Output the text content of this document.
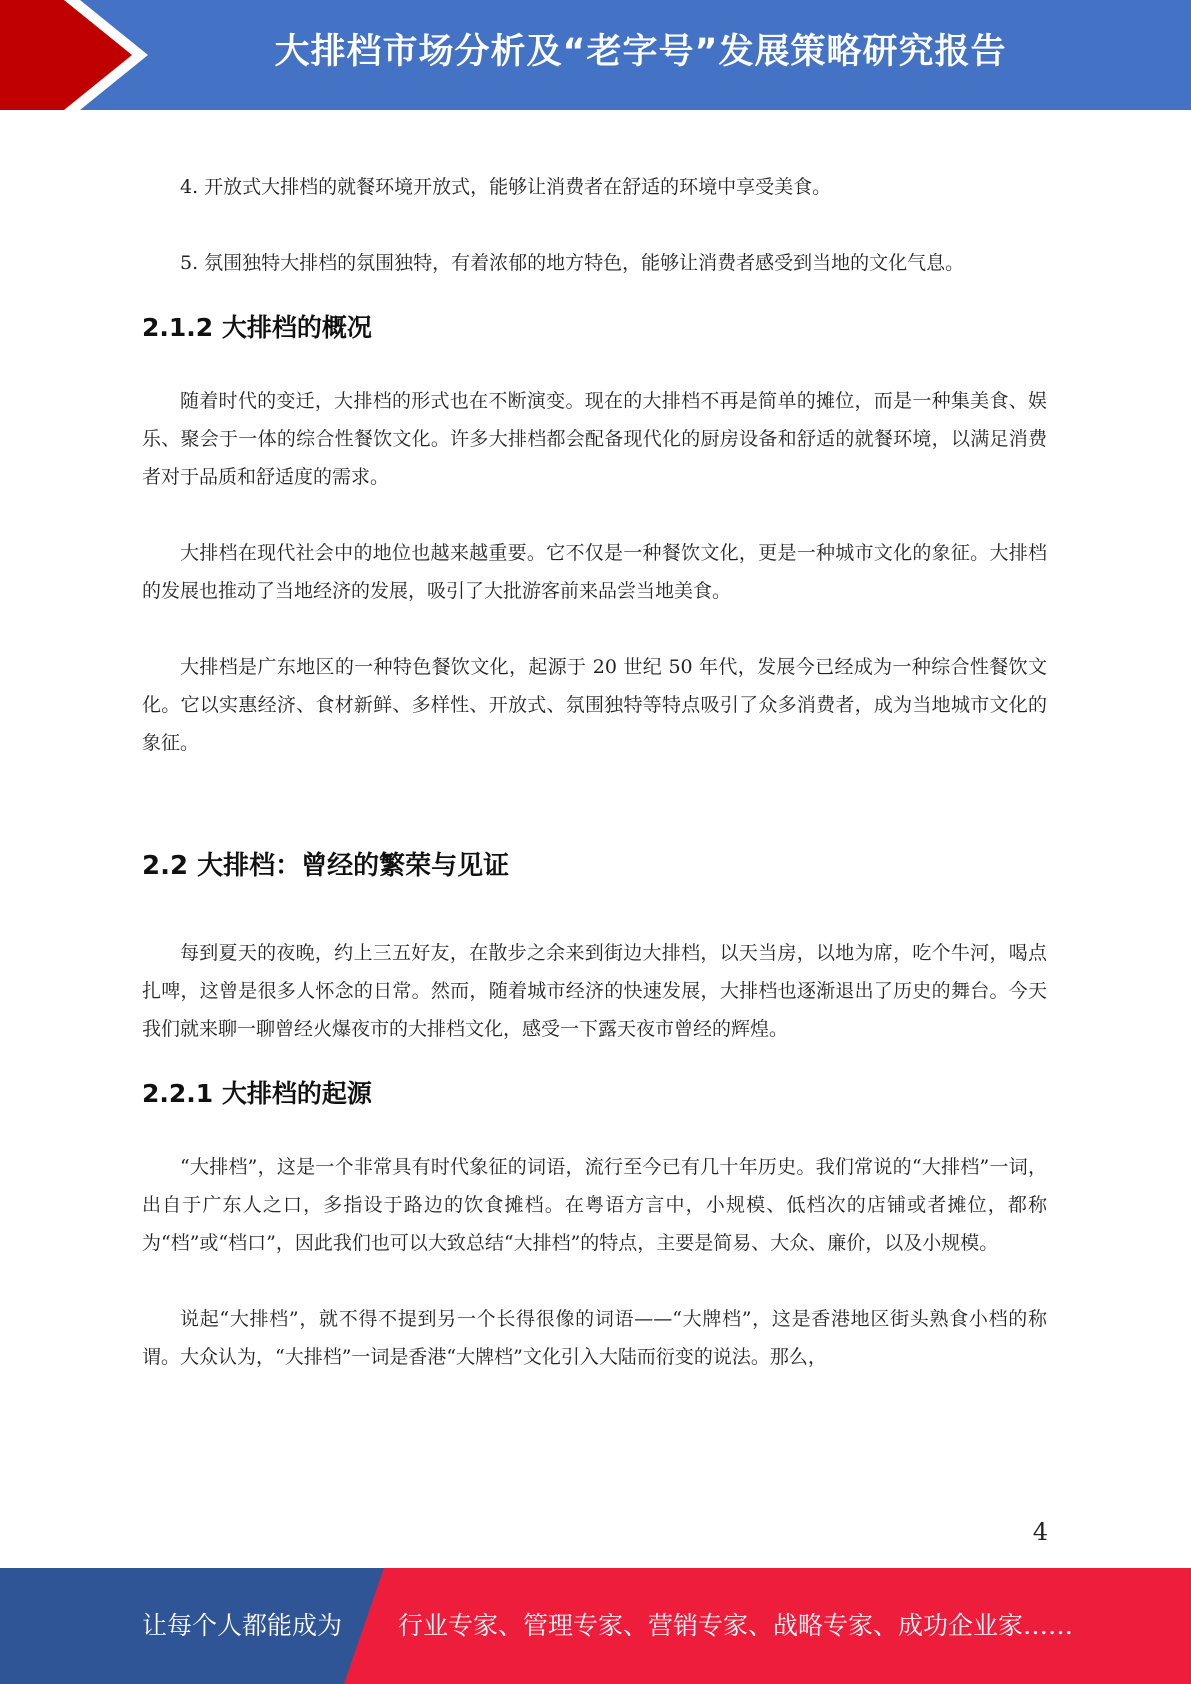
大排档市场分析及“老字号”发展策略研究报告

4. 开放式大排档的就餐环境开放式，能够让消费者在舒适的环境中享受美食。

5. 氛围独特大排档的氛围独特，有着浓郁的地方特色，能够让消费者感受到当地的文化气息。

2.1.2 大排档的概况

随着时代的变迁，大排档的形式也在不断演变。现在的大排档不再是简单的摊位，而是一种集美食、娱乐、聚会于一体的综合性餐饮文化。许多大排档都会配备现代化的厨房设备和舒适的就餐环境，以满足消费者对于品质和舒适度的需求。

大排档在现代社会中的地位也越来越重要。它不仅是一种餐饮文化，更是一种城市文化的象征。大排档的发展也推动了当地经济的发展，吸引了大批游客前来品尝当地美食。

大排档是广东地区的一种特色餐饮文化，起源于 20 世纪 50 年代，发展今已经成为一种综合性餐饮文化。它以实惠经济、食材新鲜、多样性、开放式、氛围独特等特点吸引了众多消费者，成为当地城市文化的象征。

2.2 大排档：曾经的繁荣与见证

每到夏天的夜晚，约上三五好友，在散步之余来到街边大排档，以天当房，以地为席，吃个牛河，喝点扎啤，这曾是很多人怀念的日常。然而，随着城市经济的快速发展，大排档也逐渐退出了历史的舞台。今天我们就来聊一聊曾经火爆夜市的大排档文化，感受一下露天夜市曾经的辉煌。

2.2.1 大排档的起源

“大排档”，这是一个非常具有时代象征的词语，流行至今已有几十年历史。我们常说的“大排档”一词，出自于广东人之口，多指设于路边的饮食摊档。在粤语方言中，小规模、低档次的店铺或者摊位，都称为“档”或“档口”，因此我们也可以大致总结“大排档”的特点，主要是简易、大众、廉价，以及小规模。

说起“大排档”，就不得不提到另一个长得很像的词语——“大牌档”，这是香港地区街头熟食小档的称谓。大众认为，“大排档”一词是香港“大牌档”文化引入大陆而衍变的说法。那么，

4
让每个人都能成为 行业专家、管理专家、营销专家、战略专家、成功企业家……
